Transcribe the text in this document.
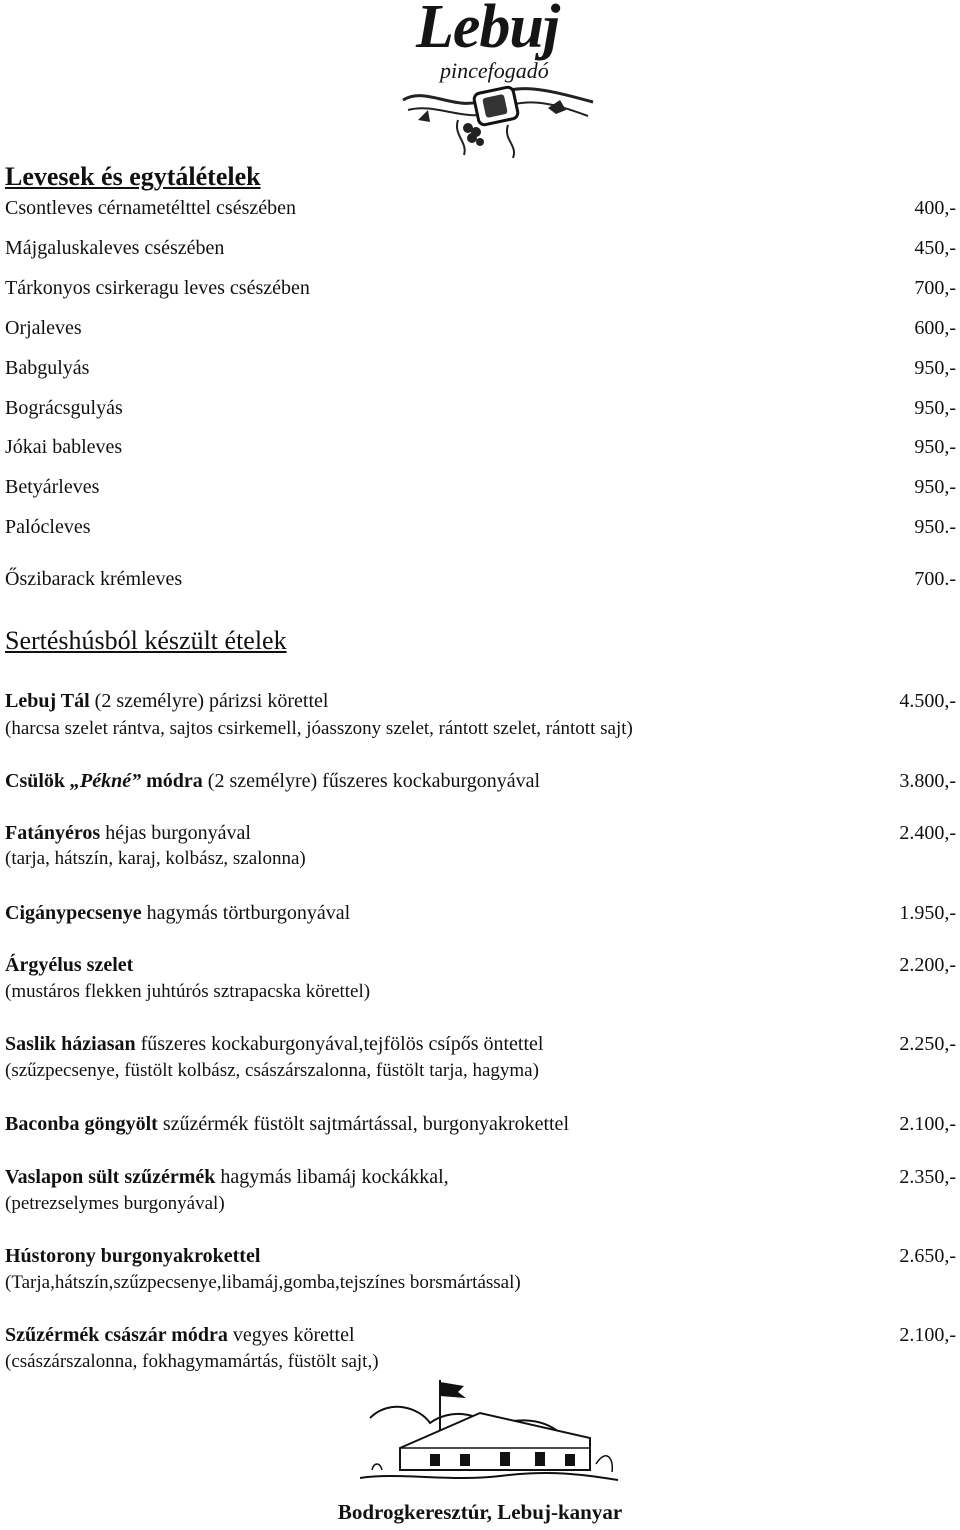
Lebuj
pincefogadó
Levesek és egytálételek
Csontleves cérnametélttel csészében	400,-
Májgaluskaleves csészében	450,-
Tárkonyos csirkeragu leves csészében	700,-
Orjaleves	600,-
Babgulyás	950,-
Bográcsgulyás	950,-
Jókai bableves	950,-
Betyárleves	950,-
Palócleves	950.-
Őszibarack krémleves	700.-
Sertéshúsból készült ételek
Lebuj Tál (2 személyre) párizsi körettel	4.500,-
(harcsa szelet rántva, sajtos csirkemell, jóasszony szelet, rántott szelet, rántott sajt)
Csülök „Pékné” módra (2 személyre) fűszeres kockaburgonyával	3.800,-
Fatányéros héjas burgonyával	2.400,-
(tarja, hátszín, karaj, kolbász, szalonna)
Cigánypecsenye hagymás törtburgonyával	1.950,-
Árgyélus szelet	2.200,-
(mustáros flekken juhtúrós sztrapacska körettel)
Saslik háziasan fűszeres kockaburgonyával,tejfölös csípős öntettel	2.250,-
(szűzpecsenye, füstölt kolbász, császárszalonna, füstölt tarja, hagyma)
Baconba göngyölt szűzérmék füstölt sajtmártással, burgonyakrokettel	2.100,-
Vaslapon sült szűzérmék hagymás libamáj kockákkal,	2.350,-
(petrezselymes burgonyával)
Hústorony burgonyakrokettel	2.650,-
(Tarja,hátszín,szűzpecsenye,libamáj,gomba,tejszínes borsmártással)
Szűzérmék császár módra vegyes körettel	2.100,-
(császárszalonna, fokhagymamártás, füstölt sajt,)
Bodrogkeresztúr, Lebuj-kanyar
